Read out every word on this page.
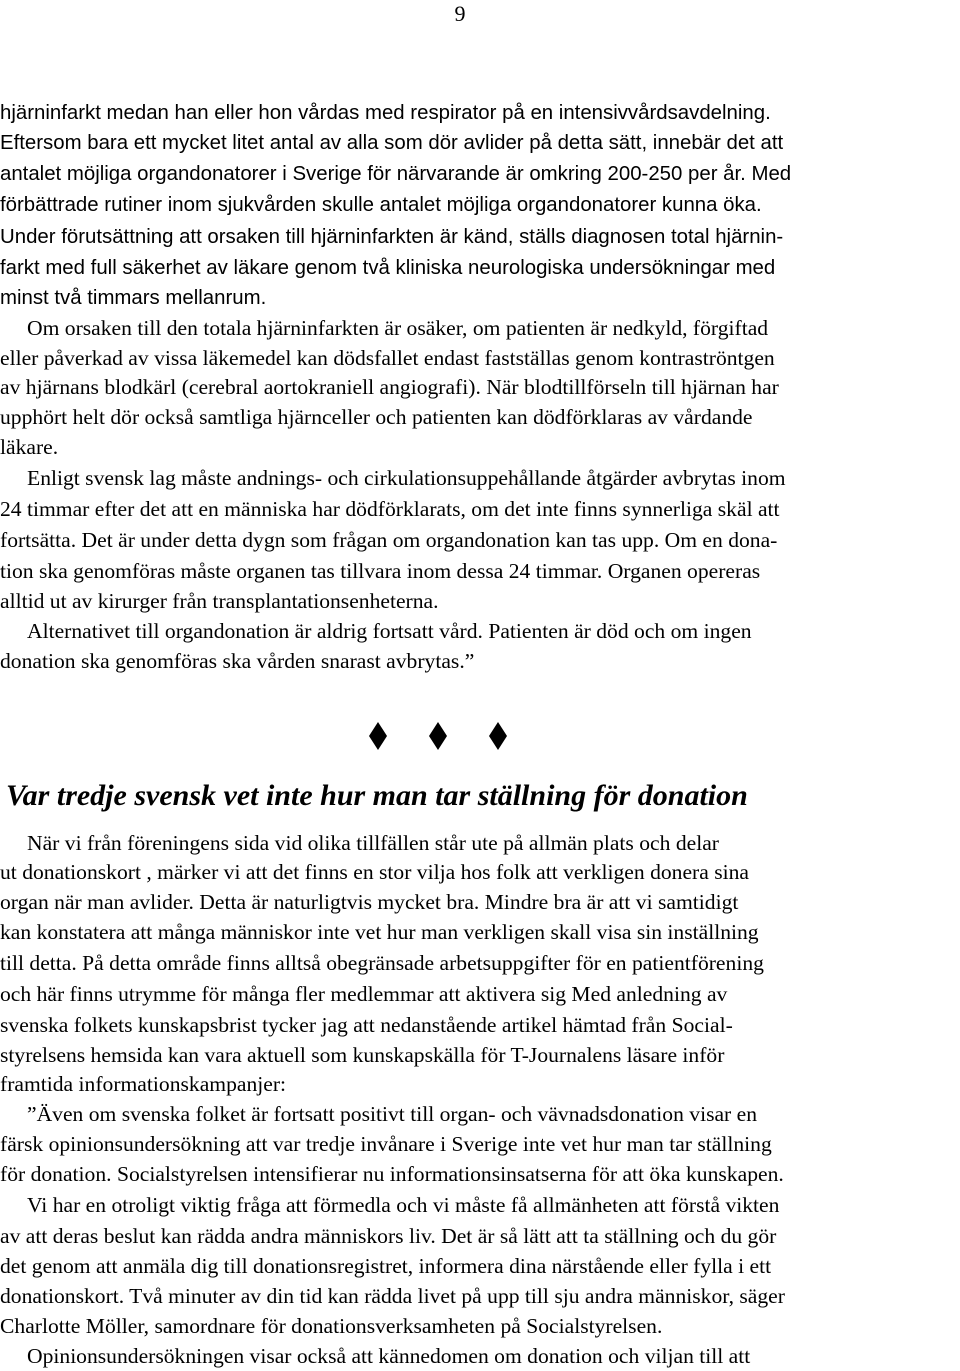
9

hjärninfarkt medan han eller hon vårdas med respirator på en intensivvårdsavdelning.

Eftersom bara ett mycket litet antal av alla som dör avlider på detta sätt, innebär det att

antalet möjliga organdonatorer i Sverige för närvarande är omkring 200-250 per år. Med

förbättrade rutiner inom sjukvården skulle antalet möjliga organdonatorer kunna öka.

Under förutsättning att orsaken till hjärninfarkten är känd, ställs diagnosen total hjärnin-

farkt med full säkerhet av läkare genom två kliniska neurologiska undersökningar med

minst två timmars mellanrum.

Om orsaken till den totala hjärninfarkten är osäker, om patienten är nedkyld, förgiftad

eller påverkad av vissa läkemedel kan dödsfallet endast fastställas genom kontraströntgen

av hjärnans blodkärl (cerebral aortokraniell angiografi). När blodtillförseln till hjärnan har

upphört helt dör också samtliga hjärnceller och patienten kan dödförklaras av vårdande

läkare.

Enligt svensk lag måste andnings- och cirkulationsuppehållande åtgärder avbrytas inom

24 timmar efter det att en människa har dödförklarats, om det inte finns synnerliga skäl att

fortsätta. Det är under detta dygn som frågan om organdonation kan tas upp. Om en dona-

tion ska genomföras måste organen tas tillvara inom dessa 24 timmar. Organen opereras

alltid ut av kirurger från transplantationsenheterna.

Alternativet till organdonation är aldrig fortsatt vård. Patienten är död och om ingen

donation ska genomföras ska vården snarast avbrytas.”

Var tredje svensk vet inte hur man tar ställning för donation

När vi från föreningens sida vid olika tillfällen står ute på allmän plats och delar

ut donationskort , märker vi att det finns en stor vilja hos folk att verkligen donera sina

organ när man avlider. Detta är naturligtvis mycket bra. Mindre bra är att vi samtidigt

kan konstatera att många människor inte vet hur man verkligen skall visa sin inställning

till detta. På detta område finns alltså obegränsade arbetsuppgifter för en patientförening

och här finns utrymme för många fler medlemmar att aktivera sig Med anledning av

svenska folkets kunskapsbrist tycker jag att nedanstående artikel hämtad från Social-

styrelsens hemsida kan vara aktuell som kunskapskälla för T-Journalens läsare inför

framtida informationskampanjer:

”Även om svenska folket är fortsatt positivt till organ- och vävnadsdonation visar en

färsk opinionsundersökning att var tredje invånare i Sverige inte vet hur man tar ställning

för donation. Socialstyrelsen intensifierar nu informationsinsatserna för att öka kunskapen.

Vi har en otroligt viktig fråga att förmedla och vi måste få allmänheten att förstå vikten

av att deras beslut kan rädda andra människors liv. Det är så lätt att ta ställning och du gör

det genom att anmäla dig till donationsregistret, informera dina närstående eller fylla i ett

donationskort. Två minuter av din tid kan rädda livet på upp till sju andra människor, säger

Charlotte Möller, samordnare för donationsverksamheten på Socialstyrelsen.

Opinionsundersökningen visar också att kännedomen om donation och viljan till att
